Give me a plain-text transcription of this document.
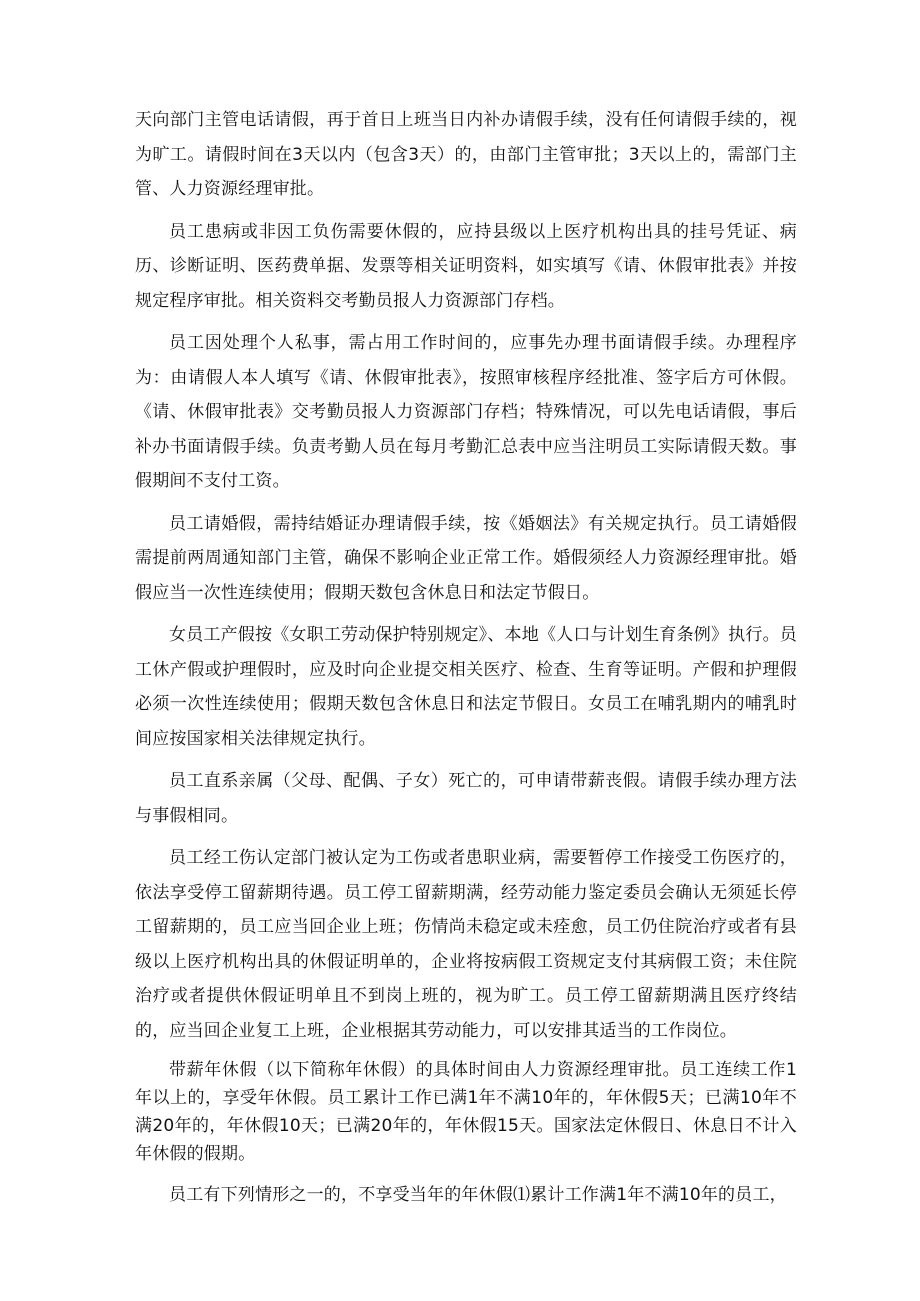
天向部门主管电话请假，再于首日上班当日内补办请假手续，没有任何请假手续的，视为旷工。请假时间在3天以内（包含3天）的，由部门主管审批；3天以上的，需部门主管、人力资源经理审批。

员工患病或非因工负伤需要休假的，应持县级以上医疗机构出具的挂号凭证、病历、诊断证明、医药费单据、发票等相关证明资料，如实填写《请、休假审批表》并按规定程序审批。相关资料交考勤员报人力资源部门存档。

员工因处理个人私事，需占用工作时间的，应事先办理书面请假手续。办理程序为：由请假人本人填写《请、休假审批表》，按照审核程序经批准、签字后方可休假。《请、休假审批表》交考勤员报人力资源部门存档；特殊情况，可以先电话请假，事后补办书面请假手续。负责考勤人员在每月考勤汇总表中应当注明员工实际请假天数。事假期间不支付工资。

员工请婚假，需持结婚证办理请假手续，按《婚姻法》有关规定执行。员工请婚假需提前两周通知部门主管，确保不影响企业正常工作。婚假须经人力资源经理审批。婚假应当一次性连续使用；假期天数包含休息日和法定节假日。

女员工产假按《女职工劳动保护特别规定》、本地《人口与计划生育条例》执行。员工休产假或护理假时，应及时向企业提交相关医疗、检查、生育等证明。产假和护理假必须一次性连续使用；假期天数包含休息日和法定节假日。女员工在哺乳期内的哺乳时间应按国家相关法律规定执行。

员工直系亲属（父母、配偶、子女）死亡的，可申请带薪丧假。请假手续办理方法与事假相同。

员工经工伤认定部门被认定为工伤或者患职业病，需要暂停工作接受工伤医疗的，依法享受停工留薪期待遇。员工停工留薪期满，经劳动能力鉴定委员会确认无须延长停工留薪期的，员工应当回企业上班；伤情尚未稳定或未痊愈，员工仍住院治疗或者有县级以上医疗机构出具的休假证明单的，企业将按病假工资规定支付其病假工资；未住院治疗或者提供休假证明单且不到岗上班的，视为旷工。员工停工留薪期满且医疗终结的，应当回企业复工上班，企业根据其劳动能力，可以安排其适当的工作岗位。

带薪年休假（以下简称年休假）的具体时间由人力资源经理审批。员工连续工作1年以上的，享受年休假。员工累计工作已满1年不满10年的，年休假5天；已满10年不满20年的，年休假10天；已满20年的，年休假15天。国家法定休假日、休息日不计入年休假的假期。

员工有下列情形之一的，不享受当年的年休假⑴累计工作满1年不满10年的员工，
